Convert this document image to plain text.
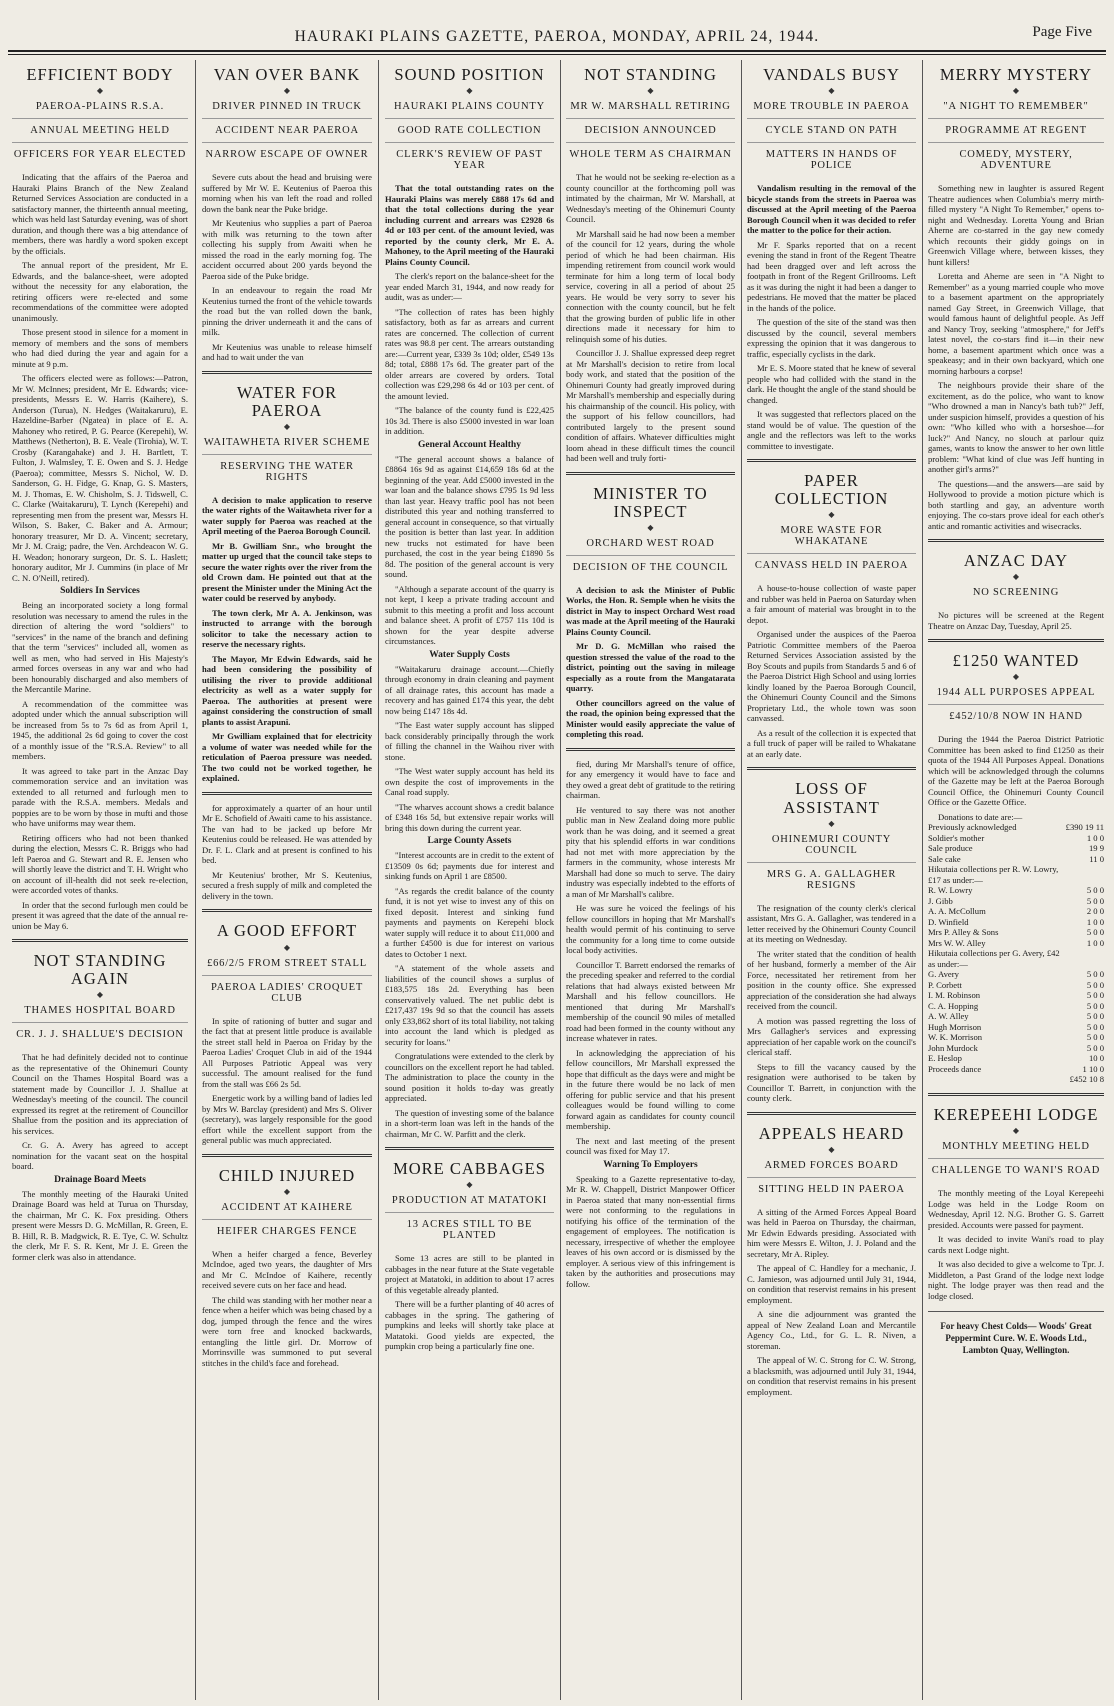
HAURAKI PLAINS GAZETTE, PAEROA, MONDAY, APRIL 24, 1944.	Page Five
EFFICIENT BODY
◆
PAEROA-PLAINS R.S.A.
ANNUAL MEETING HELD
OFFICERS FOR YEAR ELECTED

Indicating that the affairs of the Paeroa and Hauraki Plains Branch of the New Zealand Returned Services Association are conducted in a satisfactory manner, the thirteenth annual meeting, which was held last Saturday evening, was of short duration, and though there was a big attendance of members, there was hardly a word spoken except by the officials.

The annual report of the president, Mr E. Edwards, and the balance-sheet, were adopted without the necessity for any elaboration, the retiring officers were re-elected and some recommendations of the committee were adopted unanimously.

Those present stood in silence for a moment in memory of members and the sons of members who had died during the year and again for a minute at 9 p.m.

The officers elected were as follows:—Patron, Mr W. McInnes; president, Mr E. Edwards; vice-presidents, Messrs E. W. Harris (Kaihere), S. Anderson (Turua), N. Hedges (Waitakaruru), E. Hazeldine-Barber (Ngatea) in place of E. A. Mahoney who retired, P. G. Pearce (Kerepehi), W. Matthews (Netherton), B. E. Veale (Tirohia), W. T. Crosby (Karangahake) and J. H. Bartlett, T. Fulton, J. Walmsley, T. E. Owen and S. J. Hedge (Paeroa); committee, Messrs S. Nichol, W. D. Sanderson, G. H. Fidge, G. Knap, G. S. Masters, M. J. Thomas, E. W. Chisholm, S. J. Tidswell, C. C. Clarke (Waitakaruru), T. Lynch (Kerepehi) and representing men from the present war, Messrs H. Wilson, S. Baker, C. Baker and A. Armour; honorary treasurer, Mr D. A. Vincent; secretary, Mr J. M. Craig; padre, the Ven. Archdeacon W. G. H. Weadon; honorary surgeon, Dr. S. L. Haslett; honorary auditor, Mr J. Cummins (in place of Mr C. N. O'Neill, retired).

Soldiers In Services

Being an incorporated society a long formal resolution was necessary to amend the rules in the direction of altering the word "soldiers" to "services" in the name of the branch and defining that the term "services" included all, women as well as men, who had served in His Majesty's armed forces overseas in any war and who had been honourably discharged and also members of the Mercantile Marine.

A recommendation of the committee was adopted under which the annual subscription will be increased from 5s to 7s 6d as from April 1, 1945, the additional 2s 6d going to cover the cost of a monthly issue of the "R.S.A. Review" to all members.

It was agreed to take part in the Anzac Day commemoration service and an invitation was extended to all returned and furlough men to parade with the R.S.A. members. Medals and poppies are to be worn by those in mufti and those who have uniforms may wear them.

Retiring officers who had not been thanked during the election, Messrs C. R. Briggs who had left Paeroa and G. Stewart and R. E. Jensen who will shortly leave the district and T. H. Wright who on account of ill-health did not seek re-election, were accorded votes of thanks.

In order that the second furlough men could be present it was agreed that the date of the annual re-union be May 6.

NOT STANDING AGAIN
◆
THAMES HOSPITAL BOARD
CR. J. J. SHALLUE'S DECISION

That he had definitely decided not to continue as the representative of the Ohinemuri County Council on the Thames Hospital Board was a statement made by Councillor J. J. Shallue at Wednesday's meeting of the council. The council expressed its regret at the retirement of Councillor Shallue from the position and its appreciation of his services.

Cr. G. A. Avery has agreed to accept nomination for the vacant seat on the hospital board.

Drainage Board Meets

The monthly meeting of the Hauraki United Drainage Board was held at Turua on Thursday, the chairman, Mr C. K. Fox presiding. Others present were Messrs D. G. McMillan, R. Green, E. B. Hill, R. B. Madgwick, R. E. Tye, C. W. Schultz the clerk, Mr F. S. R. Kent, Mr J. E. Green the former clerk was also in attendance.

VAN OVER BANK
◆
DRIVER PINNED IN TRUCK
ACCIDENT NEAR PAEROA
NARROW ESCAPE OF OWNER

Severe cuts about the head and bruising were suffered by Mr W. E. Keutenius of Paeroa this morning when his van left the road and rolled down the bank near the Puke bridge.

Mr Keutenius who supplies a part of Paeroa with milk was returning to the town after collecting his supply from Awaiti when he missed the road in the early morning fog. The accident occurred about 200 yards beyond the Paeroa side of the Puke bridge.

In an endeavour to regain the road Mr Keutenius turned the front of the vehicle towards the road but the van rolled down the bank, pinning the driver underneath it and the cans of milk.

Mr Keutenius was unable to release himself and had to wait under the van

WATER FOR PAEROA
◆
WAITAWHETA RIVER SCHEME
RESERVING THE WATER RIGHTS

A decision to make application to reserve the water rights of the Waitawheta river for a water supply for Paeroa was reached at the April meeting of the Paeroa Borough Council.

Mr B. Gwilliam Snr., who brought the matter up urged that the council take steps to secure the water rights over the river from the old Crown dam. He pointed out that at the present the Minister under the Mining Act the water could be reserved by anybody.

The town clerk, Mr A. A. Jenkinson, was instructed to arrange with the borough solicitor to take the necessary action to reserve the necessary rights.

The Mayor, Mr Edwin Edwards, said he had been considering the possibility of utilising the river to provide additional electricity as well as a water supply for Paeroa. The authorities at present were against considering the construction of small plants to assist Arapuni.

Mr Gwilliam explained that for electricity a volume of water was needed while for the reticulation of Paeroa pressure was needed. The two could not be worked together, he explained.

for approximately a quarter of an hour until Mr E. Schofield of Awaiti came to his assistance. The van had to be jacked up before Mr Keutenius could be released. He was attended by Dr. F. L. Clark and at present is confined to his bed.

Mr Keutenius' brother, Mr S. Keutenius, secured a fresh supply of milk and completed the delivery in the town.

A GOOD EFFORT
◆
£66/2/5 FROM STREET STALL
PAEROA LADIES' CROQUET CLUB

In spite of rationing of butter and sugar and the fact that at present little produce is available the street stall held in Paeroa on Friday by the Paeroa Ladies' Croquet Club in aid of the 1944 All Purposes Patriotic Appeal was very successful. The amount realised for the fund from the stall was £66 2s 5d.

Energetic work by a willing band of ladies led by Mrs W. Barclay (president) and Mrs S. Oliver (secretary), was largely responsible for the good effort while the excellent support from the general public was much appreciated.

CHILD INJURED
◆
ACCIDENT AT KAIHERE
HEIFER CHARGES FENCE

When a heifer charged a fence, Beverley McIndoe, aged two years, the daughter of Mrs and Mr C. McIndoe of Kaihere, recently received severe cuts on her face and head.

The child was standing with her mother near a fence when a heifer which was being chased by a dog, jumped through the fence and the wires were torn free and knocked backwards, entangling the little girl. Dr. Morrow of Morrinsville was summoned to put several stitches in the child's face and forehead.

SOUND POSITION
◆
HAURAKI PLAINS COUNTY
GOOD RATE COLLECTION
CLERK'S REVIEW OF PAST YEAR

That the total outstanding rates on the Hauraki Plains was merely £888 17s 6d and that the total collections during the year including current and arrears was £2928 6s 4d or 103 per cent. of the amount levied, was reported by the county clerk, Mr E. A. Mahoney, to the April meeting of the Hauraki Plains County Council.

The clerk's report on the balance-sheet for the year ended March 31, 1944, and now ready for audit, was as under:—

"The collection of rates has been highly satisfactory, both as far as arrears and current rates are concerned. The collection of current rates was 98.8 per cent. The arrears outstanding are:—Current year, £339 3s 10d; older, £549 13s 8d; total, £888 17s 6d. The greater part of the older arrears are covered by orders. Total collection was £29,298 6s 4d or 103 per cent. of the amount levied.

"The balance of the county fund is £22,425 10s 3d. There is also £5000 invested in war loan in addition.

General Account Healthy

"The general account shows a balance of £8864 16s 9d as against £14,659 18s 6d at the beginning of the year. Add £5000 invested in the war loan and the balance shows £795 1s 9d less than last year. Heavy traffic pool has not been distributed this year and nothing transferred to general account in consequence, so that virtually the position is better than last year. In addition new trucks not estimated for have been purchased, the cost in the year being £1890 5s 8d. The position of the general account is very sound.

"Although a separate account of the quarry is not kept, I keep a private trading account and submit to this meeting a profit and loss account and balance sheet. A profit of £757 11s 10d is shown for the year despite adverse circumstances.

Water Supply Costs

"Waitakaruru drainage account.—Chiefly through economy in drain cleaning and payment of all drainage rates, this account has made a recovery and has gained £174 this year, the debt now being £147 18s 4d.

"The East water supply account has slipped back considerably principally through the work of filling the channel in the Waihou river with stone.

"The West water supply account has held its own despite the cost of improvements in the Canal road supply.

"The wharves account shows a credit balance of £348 16s 5d, but extensive repair works will bring this down during the current year.

Large County Assets

"Interest accounts are in credit to the extent of £13509 0s 6d; payments due for interest and sinking funds on April 1 are £8500.

"As regards the credit balance of the county fund, it is not yet wise to invest any of this on fixed deposit. Interest and sinking fund payments and payments on Kerepehi block water supply will reduce it to about £11,000 and a further £4500 is due for interest on various dates to October 1 next.

"A statement of the whole assets and liabilities of the council shows a surplus of £183,575 18s 2d. Everything has been conservatively valued. The net public debt is £217,437 19s 9d so that the council has assets only £33,862 short of its total liability, not taking into account the land which is pledged as security for loans."

Congratulations were extended to the clerk by councillors on the excellent report he had tabled. The administration to place the county in the sound position it holds to-day was greatly appreciated.

The question of investing some of the balance in a short-term loan was left in the hands of the chairman, Mr C. W. Parfitt and the clerk.

MORE CABBAGES
◆
PRODUCTION AT MATATOKI
13 ACRES STILL TO BE PLANTED

Some 13 acres are still to be planted in cabbages in the near future at the State vegetable project at Matatoki, in addition to about 17 acres of this vegetable already planted.

There will be a further planting of 40 acres of cabbages in the spring. The gathering of pumpkins and leeks will shortly take place at Matatoki. Good yields are expected, the pumpkin crop being a particularly fine one.

NOT STANDING
◆
MR W. MARSHALL RETIRING
DECISION ANNOUNCED
WHOLE TERM AS CHAIRMAN

That he would not be seeking re-election as a county councillor at the forthcoming poll was intimated by the chairman, Mr W. Marshall, at Wednesday's meeting of the Ohinemuri County Council.

Mr Marshall said he had now been a member of the council for 12 years, during the whole period of which he had been chairman. His impending retirement from council work would terminate for him a long term of local body service, covering in all a period of about 25 years. He would be very sorry to sever his connection with the county council, but he felt that the growing burden of public life in other directions made it necessary for him to relinquish some of his duties.

Councillor J. J. Shallue expressed deep regret at Mr Marshall's decision to retire from local body work, and stated that the position of the Ohinemuri County had greatly improved during Mr Marshall's membership and especially during his chairmanship of the council. His policy, with the support of his fellow councillors, had contributed largely to the present sound condition of affairs. Whatever difficulties might loom ahead in these difficult times the council had been well and truly forti-

MINISTER TO INSPECT
◆
ORCHARD WEST ROAD
DECISION OF THE COUNCIL

A decision to ask the Minister of Public Works, the Hon. R. Semple when he visits the district in May to inspect Orchard West road was made at the April meeting of the Hauraki Plains County Council.

Mr D. G. McMillan who raised the question stressed the value of the road to the district, pointing out the saving in mileage especially as a route from the Mangatarata quarry.

Other councillors agreed on the value of the road, the opinion being expressed that the Minister would easily appreciate the value of completing this road.

fied, during Mr Marshall's tenure of office, for any emergency it would have to face and they owed a great debt of gratitude to the retiring chairman.

He ventured to say there was not another public man in New Zealand doing more public work than he was doing, and it seemed a great pity that his splendid efforts in war conditions had not met with more appreciation by the farmers in the community, whose interests Mr Marshall had done so much to serve. The dairy industry was especially indebted to the efforts of a man of Mr Marshall's calibre.

He was sure he voiced the feelings of his fellow councillors in hoping that Mr Marshall's health would permit of his continuing to serve the community for a long time to come outside local body activities.

Councillor T. Barrett endorsed the remarks of the preceding speaker and referred to the cordial relations that had always existed between Mr Marshall and his fellow councillors. He mentioned that during Mr Marshall's membership of the council 90 miles of metalled road had been formed in the county without any increase whatever in rates.

In acknowledging the appreciation of his fellow councillors, Mr Marshall expressed the hope that difficult as the days were and might be in the future there would be no lack of men offering for public service and that his present colleagues would be found willing to come forward again as candidates for county council membership.

The next and last meeting of the present council was fixed for May 17.

Warning To Employers

Speaking to a Gazette representative to-day, Mr R. W. Chappell, District Manpower Officer in Paeroa stated that many non-essential firms were not conforming to the regulations in notifying his office of the termination of the engagement of employees. The notification is necessary, irrespective of whether the employee leaves of his own accord or is dismissed by the employer. A serious view of this infringement is taken by the authorities and prosecutions may follow.

VANDALS BUSY
◆
MORE TROUBLE IN PAEROA
CYCLE STAND ON PATH
MATTERS IN HANDS OF POLICE

Vandalism resulting in the removal of the bicycle stands from the streets in Paeroa was discussed at the April meeting of the Paeroa Borough Council when it was decided to refer the matter to the police for their action.

Mr F. Sparks reported that on a recent evening the stand in front of the Regent Theatre had been dragged over and left across the footpath in front of the Regent Grillrooms. Left as it was during the night it had been a danger to pedestrians. He moved that the matter be placed in the hands of the police.

The question of the site of the stand was then discussed by the council, several members expressing the opinion that it was dangerous to traffic, especially cyclists in the dark.

Mr E. S. Moore stated that he knew of several people who had collided with the stand in the dark. He thought the angle of the stand should be changed.

It was suggested that reflectors placed on the stand would be of value. The question of the angle and the reflectors was left to the works committee to investigate.

PAPER COLLECTION
◆
MORE WASTE FOR WHAKATANE
CANVASS HELD IN PAEROA

A house-to-house collection of waste paper and rubber was held in Paeroa on Saturday when a fair amount of material was brought in to the depot.

Organised under the auspices of the Paeroa Patriotic Committee members of the Paeroa Returned Services Association assisted by the Boy Scouts and pupils from Standards 5 and 6 of the Paeroa District High School and using lorries kindly loaned by the Paeroa Borough Council, the Ohinemuri County Council and the Simons Proprietary Ltd., the whole town was soon canvassed.

As a result of the collection it is expected that a full truck of paper will be railed to Whakatane at an early date.

LOSS OF ASSISTANT
◆
OHINEMURI COUNTY COUNCIL
MRS G. A. GALLAGHER RESIGNS

The resignation of the county clerk's clerical assistant, Mrs G. A. Gallagher, was tendered in a letter received by the Ohinemuri County Council at its meeting on Wednesday.

The writer stated that the condition of health of her husband, formerly a member of the Air Force, necessitated her retirement from her position in the county office. She expressed appreciation of the consideration she had always received from the council.

A motion was passed regretting the loss of Mrs Gallagher's services and expressing appreciation of her capable work on the council's clerical staff.

Steps to fill the vacancy caused by the resignation were authorised to be taken by Councillor T. Barrett, in conjunction with the county clerk.

APPEALS HEARD
◆
ARMED FORCES BOARD
SITTING HELD IN PAEROA

A sitting of the Armed Forces Appeal Board was held in Paeroa on Thursday, the chairman, Mr Edwin Edwards presiding. Associated with him were Messrs E. Wilton, J. J. Poland and the secretary, Mr A. Ripley.

The appeal of C. Handley for a mechanic, J. C. Jamieson, was adjourned until July 31, 1944, on condition that reservist remains in his present employment.

A sine die adjournment was granted the appeal of New Zealand Loan and Mercantile Agency Co., Ltd., for G. L. R. Niven, a storeman.

The appeal of W. C. Strong for C. W. Strong, a blacksmith, was adjourned until July 31, 1944, on condition that reservist remains in his present employment.

MERRY MYSTERY
◆
"A NIGHT TO REMEMBER"
PROGRAMME AT REGENT
COMEDY, MYSTERY, ADVENTURE

Something new in laughter is assured Regent Theatre audiences when Columbia's merry mirth-filled mystery "A Night To Remember," opens to-night and Wednesday. Loretta Young and Brian Aherne are co-starred in the gay new comedy which recounts their giddy goings on in Greenwich Village where, between kisses, they hunt killers!

Loretta and Aherne are seen in "A Night to Remember" as a young married couple who move to a basement apartment on the appropriately named Gay Street, in Greenwich Village, that would famous haunt of delightful people. As Jeff and Nancy Troy, seeking "atmosphere," for Jeff's latest novel, the co-stars find it—in their new home, a basement apartment which once was a speakeasy; and in their own backyard, which one morning harbours a corpse!

The neighbours provide their share of the excitement, as do the police, who want to know "Who drowned a man in Nancy's bath tub?" Jeff, under suspicion himself, provides a question of his own: "Who killed who with a horseshoe—for luck?" And Nancy, no slouch at parlour quiz games, wants to know the answer to her own little problem: "What kind of clue was Jeff hunting in another girl's arms?"

The questions—and the answers—are said by Hollywood to provide a motion picture which is both startling and gay, an adventure worth enjoying. The co-stars prove ideal for each other's antic and romantic activities and wisecracks.

ANZAC DAY
◆
NO SCREENING

No pictures will be screened at the Regent Theatre on Anzac Day, Tuesday, April 25.

£1250 WANTED
◆
1944 ALL PURPOSES APPEAL
£452/10/8 NOW IN HAND

During the 1944 the Paeroa District Patriotic Committee has been asked to find £1250 as their quota of the 1944 All Purposes Appeal. Donations which will be acknowledged through the columns of the Gazette may be left at the Paeroa Borough Council Office, the Ohinemuri County Council Office or the Gazette Office.

Donations to date are:—

Previously acknowledged	£390 19 11
Soldier's mother	1 0 0
Sale produce	19 9
Sale cake	11 0
Hikutaia collections per R. W. Lowry, £17 as under:—	
R. W. Lowry	5 0 0
J. Gibb	5 0 0
A. A. McCollum	2 0 0
D. Winfield	1 0 0
Mrs P. Alley & Sons	5 0 0
Mrs W. W. Alley	1 0 0
Hikutaia collections per G. Avery, £42 as under:—	
G. Avery	5 0 0
P. Corbett	5 0 0
I. M. Robinson	5 0 0
C. A. Hopping	5 0 0
A. W. Alley	5 0 0
Hugh Morrison	5 0 0
W. K. Morrison	5 0 0
John Murdock	5 0 0
E. Heslop	10 0
Proceeds dance	1 10 0
	£452 10 8
KEREPEEHI LODGE
◆
MONTHLY MEETING HELD
CHALLENGE TO WANI'S ROAD

The monthly meeting of the Loyal Kerepeehi Lodge was held in the Lodge Room on Wednesday, April 12. N.G. Brother G. S. Garrett presided. Accounts were passed for payment.

It was decided to invite Wani's road to play cards next Lodge night.

It was also decided to give a welcome to Tpr. J. Middleton, a Past Grand of the lodge next lodge night. The lodge prayer was then read and the lodge closed.

For heavy Chest Colds— Woods' Great Peppermint Cure. W. E. Woods Ltd., Lambton Quay, Wellington.
